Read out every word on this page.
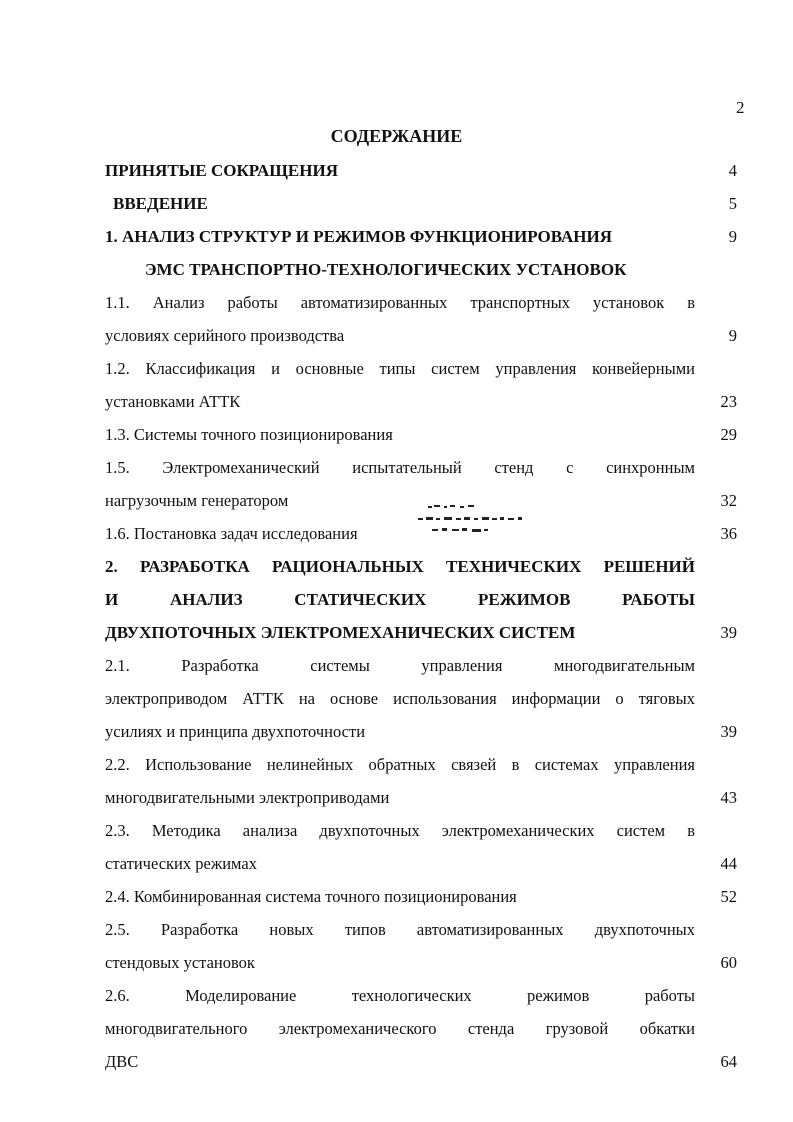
2
СОДЕРЖАНИЕ
ПРИНЯТЫЕ СОКРАЩЕНИЯ	4
ВВЕДЕНИЕ	5
1. АНАЛИЗ СТРУКТУР И РЕЖИМОВ ФУНКЦИОНИРОВАНИЯ	9
ЭМС ТРАНСПОРТНО-ТЕХНОЛОГИЧЕСКИХ УСТАНОВОК
1.1. Анализ работы автоматизированных транспортных установок в
условиях серийного производства	9
1.2. Классификация и основные типы систем управления конвейерными
установками АТТК	23
1.3. Системы точного позиционирования	29
1.5. Электромеханический испытательный стенд с синхронным
нагрузочным генератором	32
1.6. Постановка задач исследования	36
2. РАЗРАБОТКА РАЦИОНАЛЬНЫХ ТЕХНИЧЕСКИХ РЕШЕНИЙ
И АНАЛИЗ СТАТИЧЕСКИХ РЕЖИМОВ РАБОТЫ
ДВУХПОТОЧНЫХ ЭЛЕКТРОМЕХАНИЧЕСКИХ СИСТЕМ	39
2.1. Разработка системы управления многодвигательным
электроприводом АТТК на основе использования информации о тяговых
усилиях и принципа двухпоточности	39
2.2. Использование нелинейных обратных связей в системах управления
многодвигательными электроприводами	43
2.3. Методика анализа двухпоточных электромеханических систем в
статических режимах	44
2.4. Комбинированная система точного позиционирования	52
2.5. Разработка новых типов автоматизированных двухпоточных
стендовых установок	60
2.6. Моделирование технологических режимов работы
многодвигательного электромеханического стенда грузовой обкатки
ДВС	64
